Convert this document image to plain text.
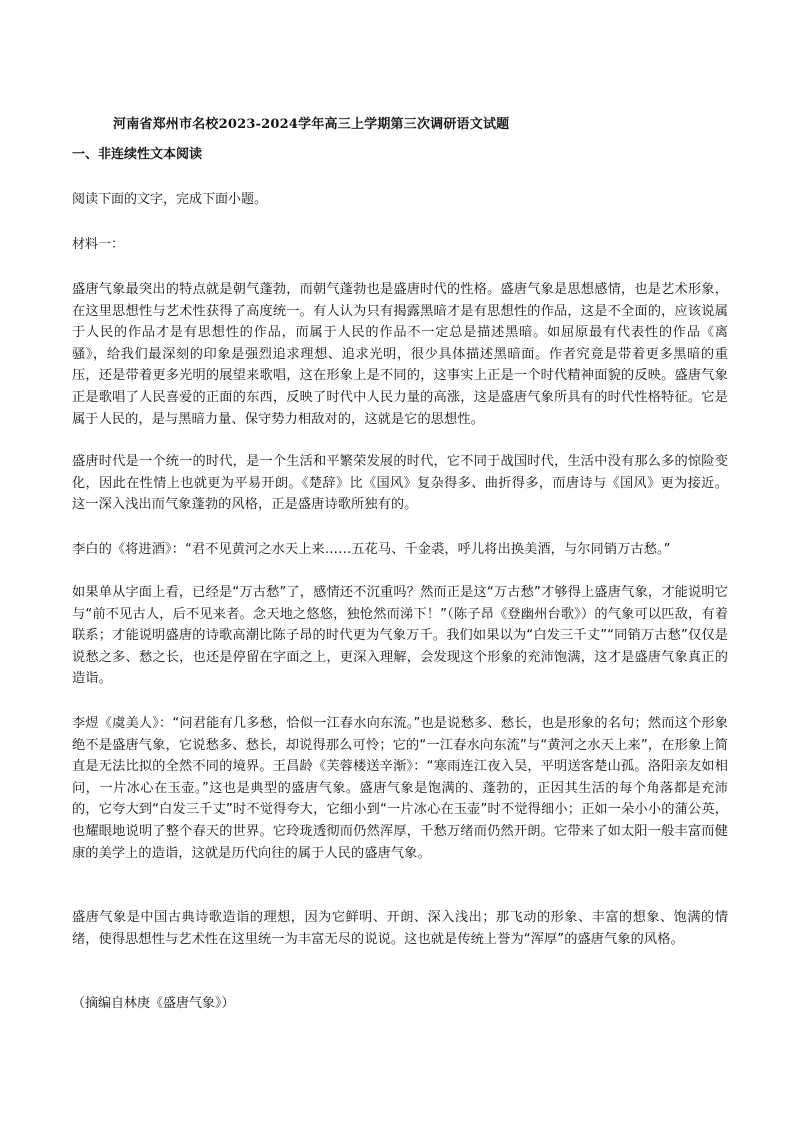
河南省郑州市名校2023-2024学年高三上学期第三次调研语文试题
一、非连续性文本阅读
阅读下面的文字，完成下面小题。
材料一：
盛唐气象最突出的特点就是朝气蓬勃，而朝气蓬勃也是盛唐时代的性格。盛唐气象是思想感情，也是艺术形象，在这里思想性与艺术性获得了高度统一。有人认为只有揭露黑暗才是有思想性的作品，这是不全面的，应该说属于人民的作品才是有思想性的作品，而属于人民的作品不一定总是描述黑暗。如屈原最有代表性的作品《离骚》，给我们最深刻的印象是强烈追求理想、追求光明，很少具体描述黑暗面。作者究竟是带着更多黑暗的重压，还是带着更多光明的展望来歌唱，这在形象上是不同的，这事实上正是一个时代精神面貌的反映。盛唐气象正是歌唱了人民喜爱的正面的东西，反映了时代中人民力量的高涨，这是盛唐气象所具有的时代性格特征。它是属于人民的，是与黑暗力量、保守势力相敌对的，这就是它的思想性。
盛唐时代是一个统一的时代，是一个生活和平繁荣发展的时代，它不同于战国时代，生活中没有那么多的惊险变化，因此在性情上也就更为平易开朗。《楚辞》比《国风》复杂得多、曲折得多，而唐诗与《国风》更为接近。这一深入浅出而气象蓬勃的风格，正是盛唐诗歌所独有的。
李白的《将进酒》：“君不见黄河之水天上来……五花马、千金裘，呼儿将出换美酒，与尔同销万古愁。”
如果单从字面上看，已经是“万古愁”了，感情还不沉重吗？然而正是这“万古愁”才够得上盛唐气象，才能说明它与“前不见古人，后不见来者。念天地之悠悠，独怆然而涕下！”（陈子昂《登幽州台歌》）的气象可以匹敌，有着联系；才能说明盛唐的诗歌高潮比陈子昂的时代更为气象万千。我们如果以为“白发三千丈”“同销万古愁”仅仅是说愁之多、愁之长，也还是停留在字面之上，更深入理解，会发现这个形象的充沛饱满，这才是盛唐气象真正的造诣。
李煜《虞美人》：“问君能有几多愁，恰似一江春水向东流。”也是说愁多、愁长，也是形象的名句；然而这个形象绝不是盛唐气象，它说愁多、愁长，却说得那么可怜；它的“一江春水向东流”与“黄河之水天上来”，在形象上简直是无法比拟的全然不同的境界。王昌龄《芙蓉楼送辛渐》：“寒雨连江夜入吴，平明送客楚山孤。洛阳亲友如相问，一片冰心在玉壶。”这也是典型的盛唐气象。盛唐气象是饱满的、蓬勃的，正因其生活的每个角落都是充沛的，它夸大到“白发三千丈”时不觉得夸大，它细小到“一片冰心在玉壶”时不觉得细小；正如一朵小小的蒲公英，也耀眼地说明了整个春天的世界。它玲珑透彻而仍然浑厚，千愁万绪而仍然开朗。它带来了如太阳一般丰富而健康的美学上的造诣，这就是历代向往的属于人民的盛唐气象。
盛唐气象是中国古典诗歌造诣的理想，因为它鲜明、开朗、深入浅出；那飞动的形象、丰富的想象、饱满的情绪，使得思想性与艺术性在这里统一为丰富无尽的说说。这也就是传统上誉为“浑厚”的盛唐气象的风格。
（摘编自林庚《盛唐气象》）
